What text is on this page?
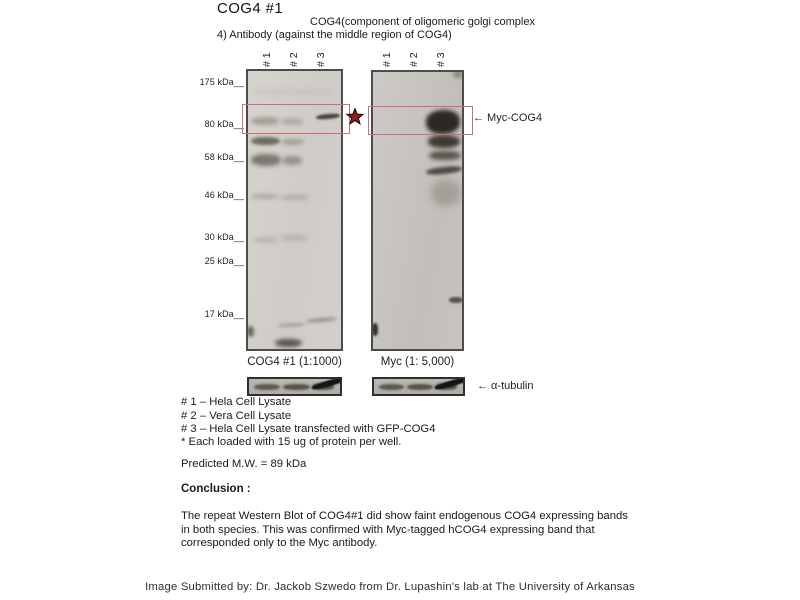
COG4 #1
COG4(component of oligomeric golgi complex
4) Antibody (against the middle region of COG4)
# 1 # 2 # 3	# 1 # 2 # 3
175 kDa__
80 kDa__
58 kDa__
46 kDa__
30 kDa__
25 kDa__
17 kDa__
← Myc-COG4
COG4 #1 (1:1000)	Myc (1: 5,000)
← α-tubulin
# 1 – Hela Cell Lysate
# 2 – Vera Cell Lysate
# 3 – Hela Cell Lysate transfected with GFP-COG4
* Each loaded with 15 ug of protein per well.
Predicted M.W. = 89 kDa
Conclusion :
The repeat Western Blot of COG4#1 did show faint endogenous COG4 expressing bands in both species. This was confirmed with Myc-tagged hCOG4 expressing band that corresponded only to the Myc antibody.
Image Submitted by: Dr. Jackob Szwedo from Dr. Lupashin's lab at The University of Arkansas
